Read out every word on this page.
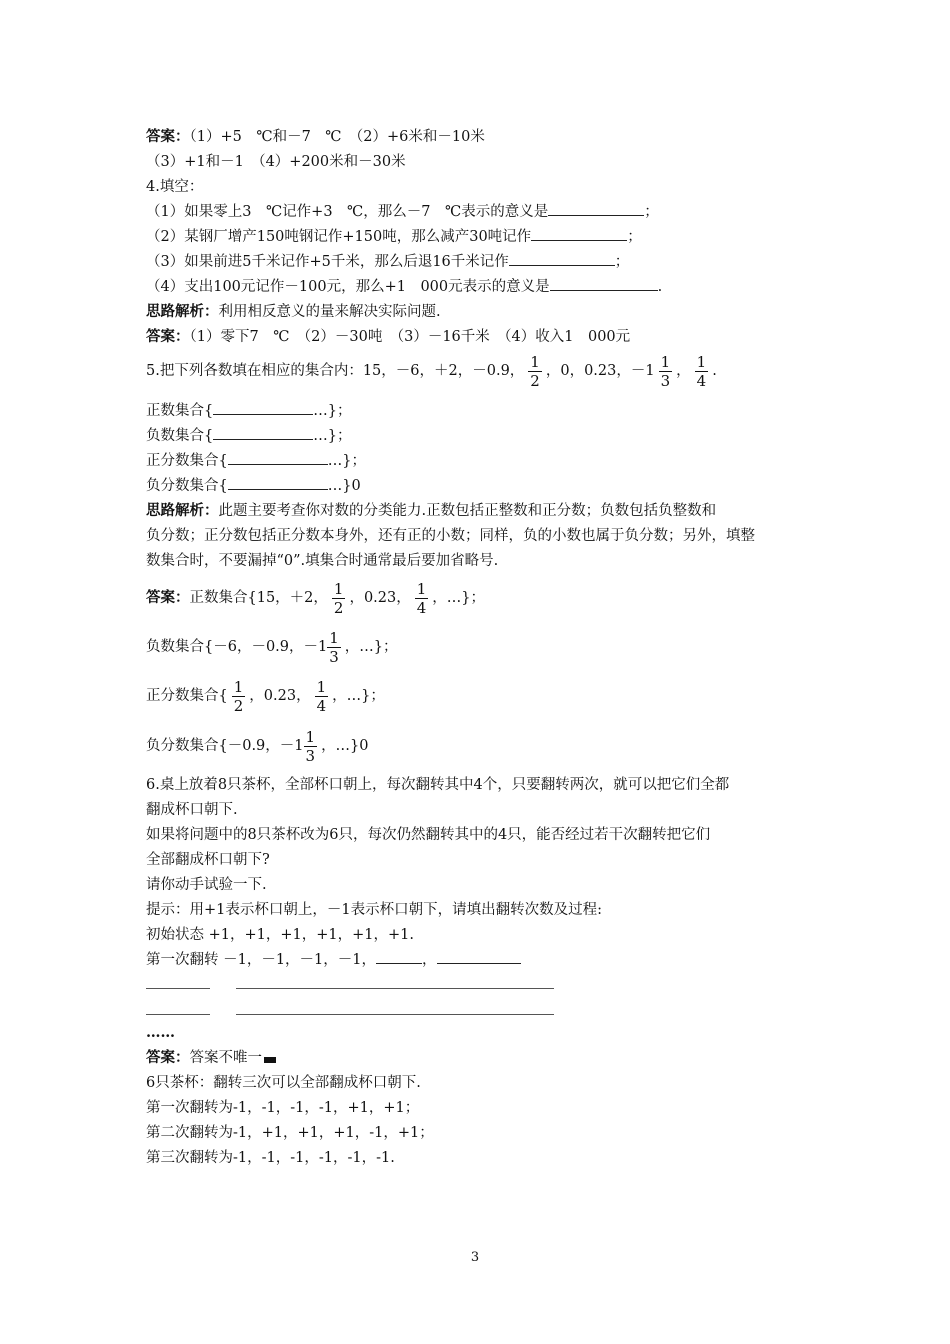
答案：（1）+5　℃和－7　℃　（2）+6米和－10米
（3）+1和－1　（4）+200米和－30米
4.填空：
（1）如果零上3　℃记作+3　℃，那么－7　℃表示的意义是	；
（2）某钢厂增产150吨钢记作+150吨，那么减产30吨记作	；
（3）如果前进5千米记作+5千米，那么后退16千米记作	；
（4）支出100元记作－100元，那么+1　000元表示的意义是	.
思路解析：利用相反意义的量来解决实际问题.
答案：（1）零下7　℃　（2）－30吨　（3）－16千米　（4）收入1　000元
5.把下列各数填在相应的集合内：15，－6，＋2，－0.9， $\frac{1}{2}$ ，0，0.23，$-1 \frac{1}{3}$ ， $\frac{1}{4}$ .
正数集合{	…}；
负数集合{	…}；
正分数集合{	…}；
负分数集合{	…}0
思路解析：此题主要考查你对数的分类能力.正数包括正整数和正分数；负数包括负整数和
负分数；正分数包括正分数本身外，还有正的小数；同样，负的小数也属于负分数；另外，填整
数集合时，不要漏掉“0”.填集合时通常最后要加省略号.
答案：正数集合{15，＋2， $\frac{1}{2}$ ，0.23， $\frac{1}{4}$ ，…}；
负数集合{－6，－0.9，$-1 \frac{1}{3}$ ，…}；
正分数集合{ $\frac{1}{2}$ ，0.23， $\frac{1}{4}$ ，…}；
负分数集合{－0.9，$-1 \frac{1}{3}$ ，…}0
6.桌上放着8只茶杯，全部杯口朝上，每次翻转其中4个，只要翻转两次，就可以把它们全都
翻成杯口朝下.
如果将问题中的8只茶杯改为6只，每次仍然翻转其中的4只，能否经过若干次翻转把它们
全部翻成杯口朝下?
请你动手试验一下.
提示：用+1表示杯口朝上，－1表示杯口朝下，请填出翻转次数及过程:
初始状态 +1，+1，+1，+1，+1，+1.
第一次翻转 －1，－1，－1，－1，	，
……
答案：答案不唯一
6只茶杯：翻转三次可以全部翻成杯口朝下.
第一次翻转为-1，-1，-1，-1，+1，+1；
第二次翻转为-1，+1，+1，+1，-1，+1；
第三次翻转为-1，-1，-1，-1，-1，-1.
3
